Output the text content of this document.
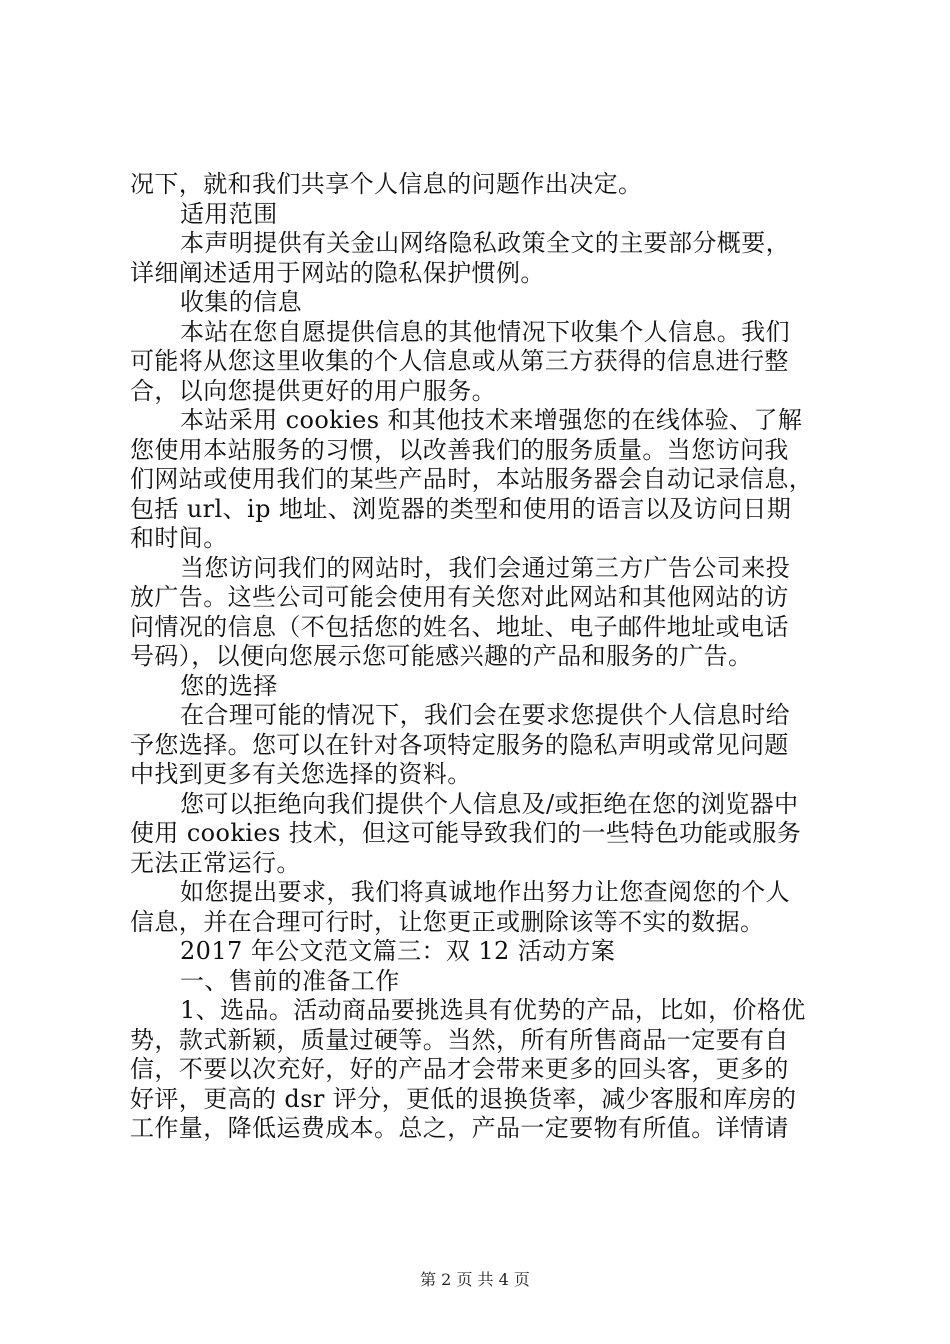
况下，就和我们共享个人信息的问题作出决定。
适用范围
本声明提供有关金山网络隐私政策全文的主要部分概要，
详细阐述适用于网站的隐私保护惯例。
收集的信息
本站在您自愿提供信息的其他情况下收集个人信息。我们
可能将从您这里收集的个人信息或从第三方获得的信息进行整
合，以向您提供更好的用户服务。
本站采用 cookies 和其他技术来增强您的在线体验、了解
您使用本站服务的习惯，以改善我们的服务质量。当您访问我
们网站或使用我们的某些产品时，本站服务器会自动记录信息，
包括 url、ip 地址、浏览器的类型和使用的语言以及访问日期
和时间。
当您访问我们的网站时，我们会通过第三方广告公司来投
放广告。这些公司可能会使用有关您对此网站和其他网站的访
问情况的信息（不包括您的姓名、地址、电子邮件地址或电话
号码），以便向您展示您可能感兴趣的产品和服务的广告。
您的选择
在合理可能的情况下，我们会在要求您提供个人信息时给
予您选择。您可以在针对各项特定服务的隐私声明或常见问题
中找到更多有关您选择的资料。
您可以拒绝向我们提供个人信息及/或拒绝在您的浏览器中
使用 cookies 技术，但这可能导致我们的一些特色功能或服务
无法正常运行。
如您提出要求，我们将真诚地作出努力让您查阅您的个人
信息，并在合理可行时，让您更正或删除该等不实的数据。
2017 年公文范文篇三：双 12 活动方案
一、售前的准备工作
1、选品。活动商品要挑选具有优势的产品，比如，价格优
势，款式新颖，质量过硬等。当然，所有所售商品一定要有自
信，不要以次充好，好的产品才会带来更多的回头客，更多的
好评，更高的 dsr 评分，更低的退换货率，减少客服和库房的
工作量，降低运费成本。总之，产品一定要物有所值。详情请
第 2 页 共 4 页
